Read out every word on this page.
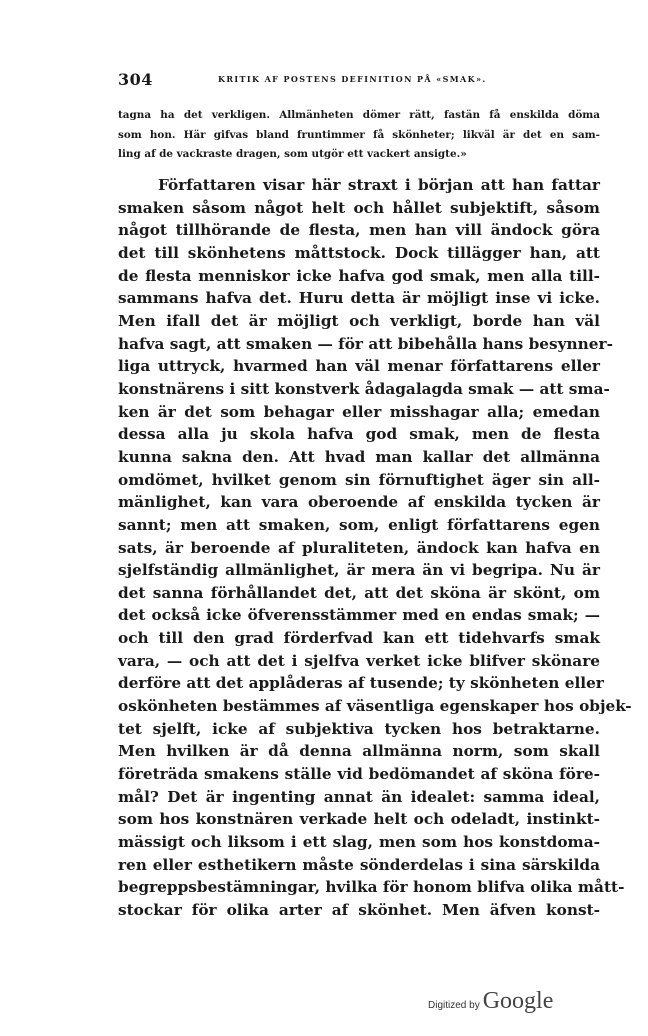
304	KRITIK AF POSTENS DEFINITION PÅ «SMAK».
tagna ha det verkligen. Allmänheten dömer rätt, fastän få enskilda döma
som hon. Här gifvas bland fruntimmer få skönheter; likväl är det en sam-
ling af de vackraste dragen, som utgör ett vackert ansigte.»
Författaren visar här straxt i början att han fattar
smaken såsom något helt och hållet subjektift, såsom
något tillhörande de flesta, men han vill ändock göra
det till skönhetens måttstock. Dock tillägger han, att
de flesta menniskor icke hafva god smak, men alla till-
sammans hafva det. Huru detta är möjligt inse vi icke.
Men ifall det är möjligt och verkligt, borde han väl
hafva sagt, att smaken — för att bibehålla hans besynner-
liga uttryck, hvarmed han väl menar författarens eller
konstnärens i sitt konstverk ådagalagda smak — att sma-
ken är det som behagar eller misshagar alla; emedan
dessa alla ju skola hafva god smak, men de flesta
kunna sakna den. Att hvad man kallar det allmänna
omdömet, hvilket genom sin förnuftighet äger sin all-
mänlighet, kan vara oberoende af enskilda tycken är
sannt; men att smaken, som, enligt författarens egen
sats, är beroende af pluraliteten, ändock kan hafva en
sjelfständig allmänlighet, är mera än vi begripa. Nu är
det sanna förhållandet det, att det sköna är skönt, om
det också icke öfverensstämmer med en endas smak; —
och till den grad förderfvad kan ett tidehvarfs smak
vara, — och att det i sjelfva verket icke blifver skönare
derföre att det applåderas af tusende; ty skönheten eller
oskönheten bestämmes af väsentliga egenskaper hos objek-
tet sjelft, icke af subjektiva tycken hos betraktarne.
Men hvilken är då denna allmänna norm, som skall
företräda smakens ställe vid bedömandet af sköna före-
mål? Det är ingenting annat än idealet: samma ideal,
som hos konstnären verkade helt och odeladt, instinkt-
mässigt och liksom i ett slag, men som hos konstdoma-
ren eller esthetikern måste sönderdelas i sina särskilda
begreppsbestämningar, hvilka för honom blifva olika mått-
stockar för olika arter af skönhet. Men äfven konst-
Digitized by Google
